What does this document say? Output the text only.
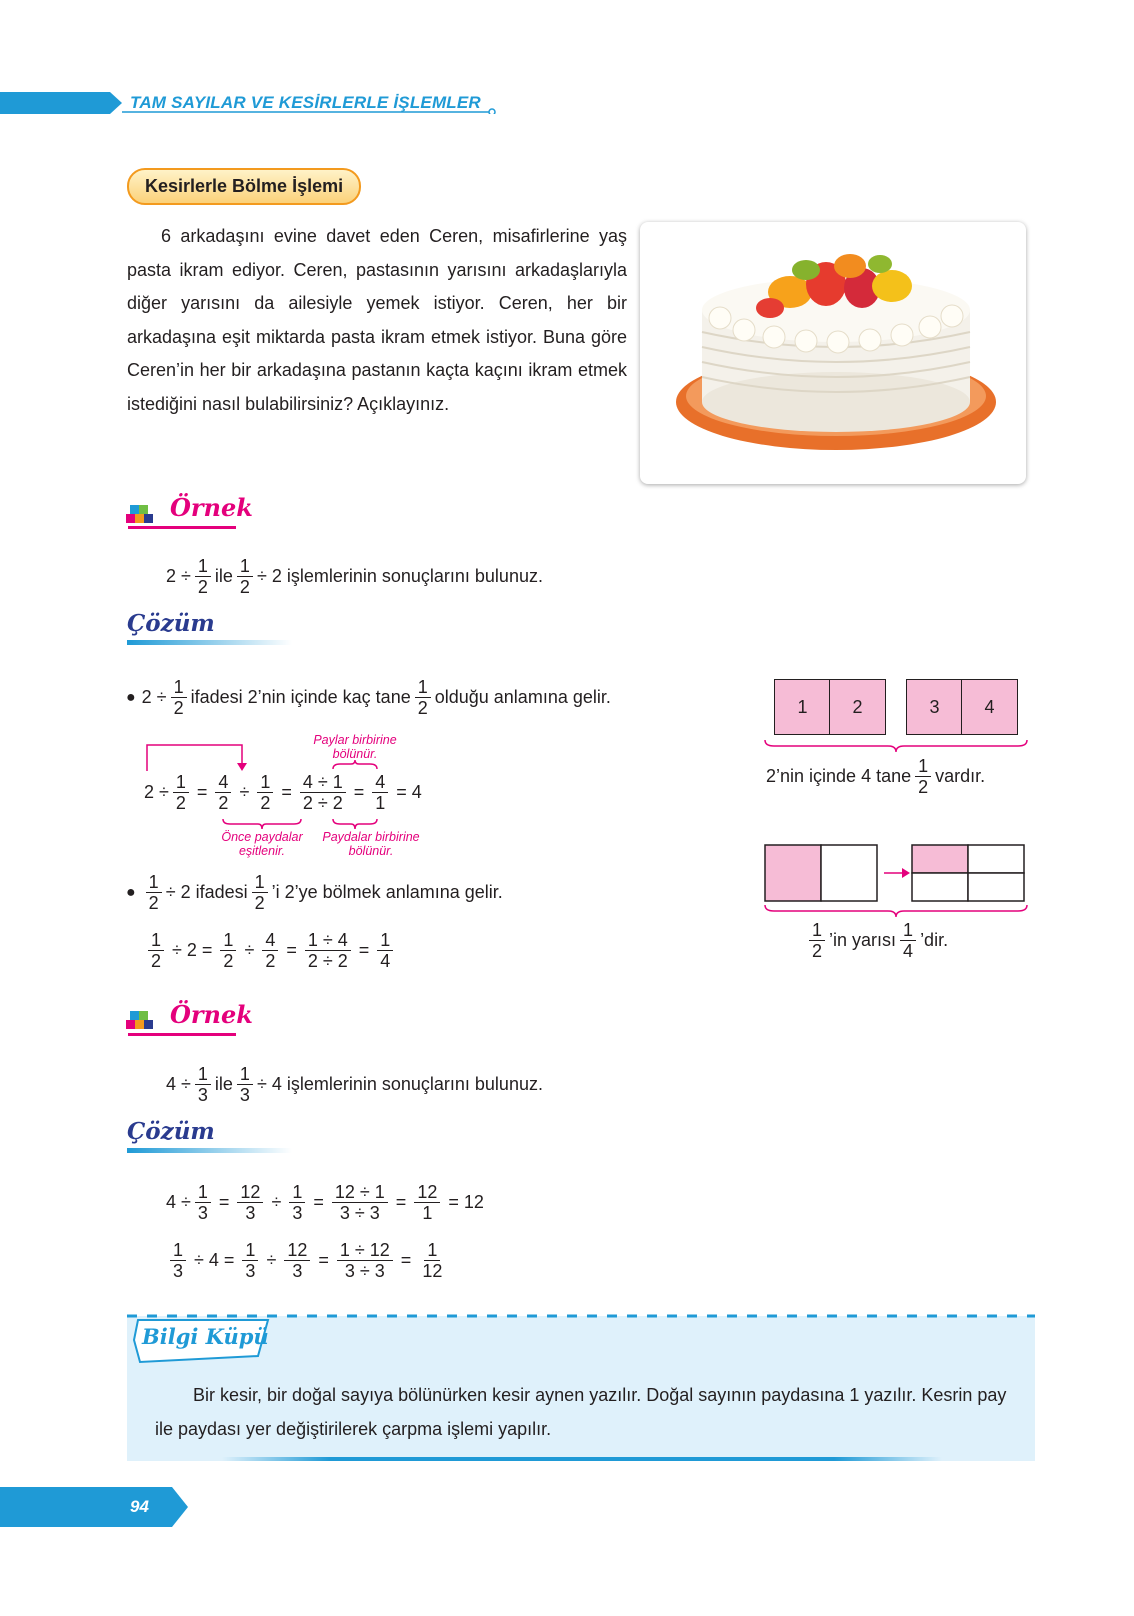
TAM SAYILAR VE KESİRLERLE İŞLEMLER
Kesirlerle Bölme İşlemi

6 arkadaşını evine davet eden Ceren, misafirlerine yaş pasta ikram ediyor. Ceren, pastasının yarısını arkadaşlarıyla diğer yarısını da ailesiyle yemek istiyor. Ceren, her bir arkadaşına eşit miktarda pasta ikram etmek istiyor. Buna göre Ceren’in her bir arkadaşına pastanın kaçta kaçını ikram etmek istediğini nasıl bulabilirsiniz? Açıklayınız.

Örnek
$2 \div \frac{1}{2}$ ile $\frac{1}{2} \div 2$ işlemlerinin sonuçlarını bulunuz.
Çözüm
● $2 \div \frac{1}{2}$ ifadesi 2’nin içinde kaç tane 1
2
olduğu anlamına gelir.
Paylar birbirine bölünür.
$2 \div \frac{1}{2} = \frac{4}{2} \div \frac{1}{2} = \frac{4 \div 1}{2 \div 2} = \frac{4}{1} = 4$
Önce paydalar eşitlenir.
Paydalar birbirine bölünür.
● $\frac{1}{2} \div 2$ ifadesi 1
2
’i 2’ye bölmek anlamına gelir.
$\frac{1}{2} \div 2 = \frac{1}{2} \div \frac{4}{2} = \frac{1 \div 4}{2 \div 2} = \frac{1}{4}$
1	2	3	4
2’nin içinde 4 tane 1
2
vardır.
1
2
’in yarısı 1
4
’dir.
Örnek
$4 \div \frac{1}{3}$ ile $\frac{1}{3} \div 4$ işlemlerinin sonuçlarını bulunuz.
Çözüm
$4 \div \frac{1}{3} = \frac{12}{3} \div \frac{1}{3} = \frac{12 \div 1}{3 \div 3} = \frac{12}{1} = 12$
$\frac{1}{3} \div 4 = \frac{1}{3} \div \frac{12}{3} = \frac{1 \div 12}{3 \div 3} = \frac{1}{12}$
Bilgi Küpü
Bir kesir, bir doğal sayıya bölünürken kesir aynen yazılır. Doğal sayının paydasına 1 yazılır. Kesrin pay ile paydası yer değiştirilerek çarpma işlemi yapılır.
94
